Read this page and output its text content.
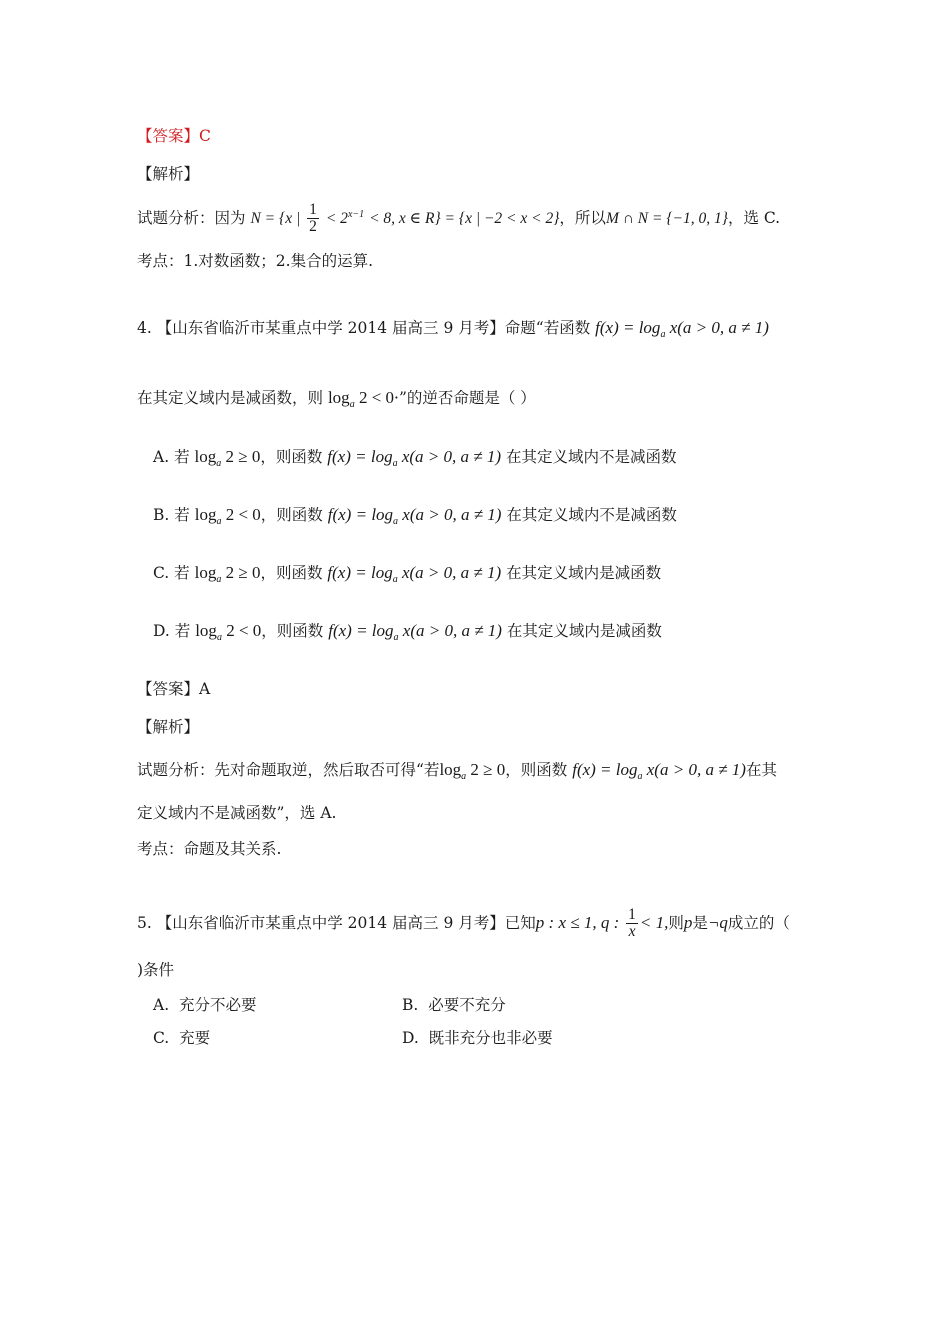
【答案】C
【解析】
试题分析：因为 N = {x | $\frac{1}{2} < 2^{x-1} < 8$, x ∈ R} = {x | −2 < x < 2}，所以M ∩ N = {−1, 0, 1}，选 C.
考点：1.对数函数；2.集合的运算.
4. 【山东省临沂市某重点中学 2014 届高三 9 月考】命题“若函数 $f(x) = \log_a x(a > 0$, a ≠ 1)
在其定义域内是减函数，则 $\log_a 2 < 0\cdot$”的逆否命题是（ ）
A. 若 $\log_a 2 \ge 0$，则函数 $f(x) = \log_a x(a > 0$, a ≠ 1) 在其定义域内不是减函数
B. 若 $\log_a 2 < 0$，则函数 $f(x) = \log_a x(a > 0$, a ≠ 1) 在其定义域内不是减函数
C. 若 $\log_a 2 \ge 0$，则函数 $f(x) = \log_a x(a > 0$, a ≠ 1) 在其定义域内是减函数
D. 若 $\log_a 2 < 0$，则函数 $f(x) = \log_a x(a > 0$, a ≠ 1) 在其定义域内是减函数
【答案】A
【解析】
试题分析：先对命题取逆，然后取否可得“若$\log_a 2 \ge 0$，则函数 $f(x) = \log_a x(a > 0$, a ≠ 1)在其
定义域内不是减函数”，选 A.
考点：命题及其关系.
5. 【山东省临沂市某重点中学 2014 届高三 9 月考】已知p : x ≤ 1, q : $\frac{1}{x} < 1$,则p是¬q成立的（
)条件
A. 充分不必要	B. 必要不充分
C. 充要	D. 既非充分也非必要
